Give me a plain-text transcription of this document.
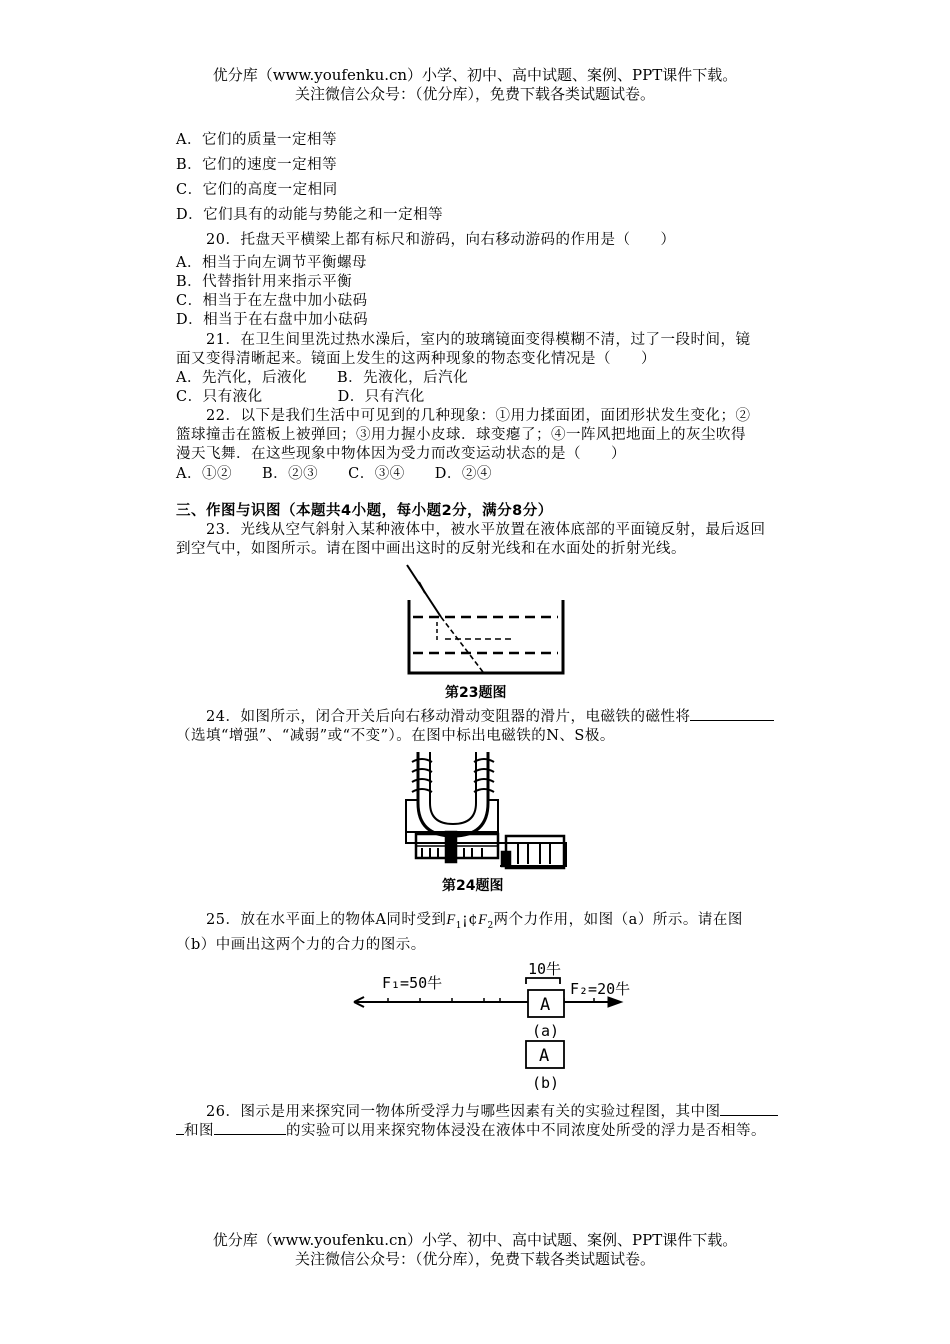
优分库（www.youfenku.cn）小学、初中、高中试题、案例、PPT课件下载。
关注微信公众号：（优分库），免费下载各类试题试卷。
A．它们的质量一定相等
B．它们的速度一定相等
C．它们的高度一定相同
D．它们具有的动能与势能之和一定相等
20．托盘天平横梁上都有标尺和游码，向右移动游码的作用是（　　）
A．相当于向左调节平衡螺母
B．代替指针用来指示平衡
C．相当于在左盘中加小砝码
D．相当于在右盘中加小砝码
21．在卫生间里洗过热水澡后，室内的玻璃镜面变得模糊不清，过了一段时间，镜
面又变得清晰起来。镜面上发生的这两种现象的物态变化情况是（　　）
A．先汽化，后液化　　B．先液化，后汽化
C．只有液化　　　　　D．只有汽化
22．以下是我们生活中可见到的几种现象：①用力揉面团，面团形状发生变化；②
篮球撞击在篮板上被弹回；③用力握小皮球．球变瘪了；④一阵风把地面上的灰尘吹得
漫天飞舞．在这些现象中物体因为受力而改变运动状态的是（　　）
A．①②　　B．②③　　C．③④　　D．②④
三、作图与识图（本题共4小题，每小题2分，满分8分）
23．光线从空气斜射入某种液体中，被水平放置在液体底部的平面镜反射，最后返回
到空气中，如图所示。请在图中画出这时的反射光线和在水面处的折射光线。
第23题图
24．如图所示，闭合开关后向右移动滑动变阻器的滑片，电磁铁的磁性将
（选填“增强”、“减弱”或“不变”）。在图中标出电磁铁的N、S极。
第24题图
25．放在水平面上的物体A同时受到$F_1¡¢F_2$两个力作用，如图（a）所示。请在图
（b）中画出这两个力的合力的图示。
F₁=50牛
10牛
F₂=20牛
A
(a)
A
(b)
26．图示是用来探究同一物体所受浮力与哪些因素有关的实验过程图，其中图
和图	的实验可以用来探究物体浸没在液体中不同浓度处所受的浮力是否相等。
优分库（www.youfenku.cn）小学、初中、高中试题、案例、PPT课件下载。
关注微信公众号：（优分库），免费下载各类试题试卷。
